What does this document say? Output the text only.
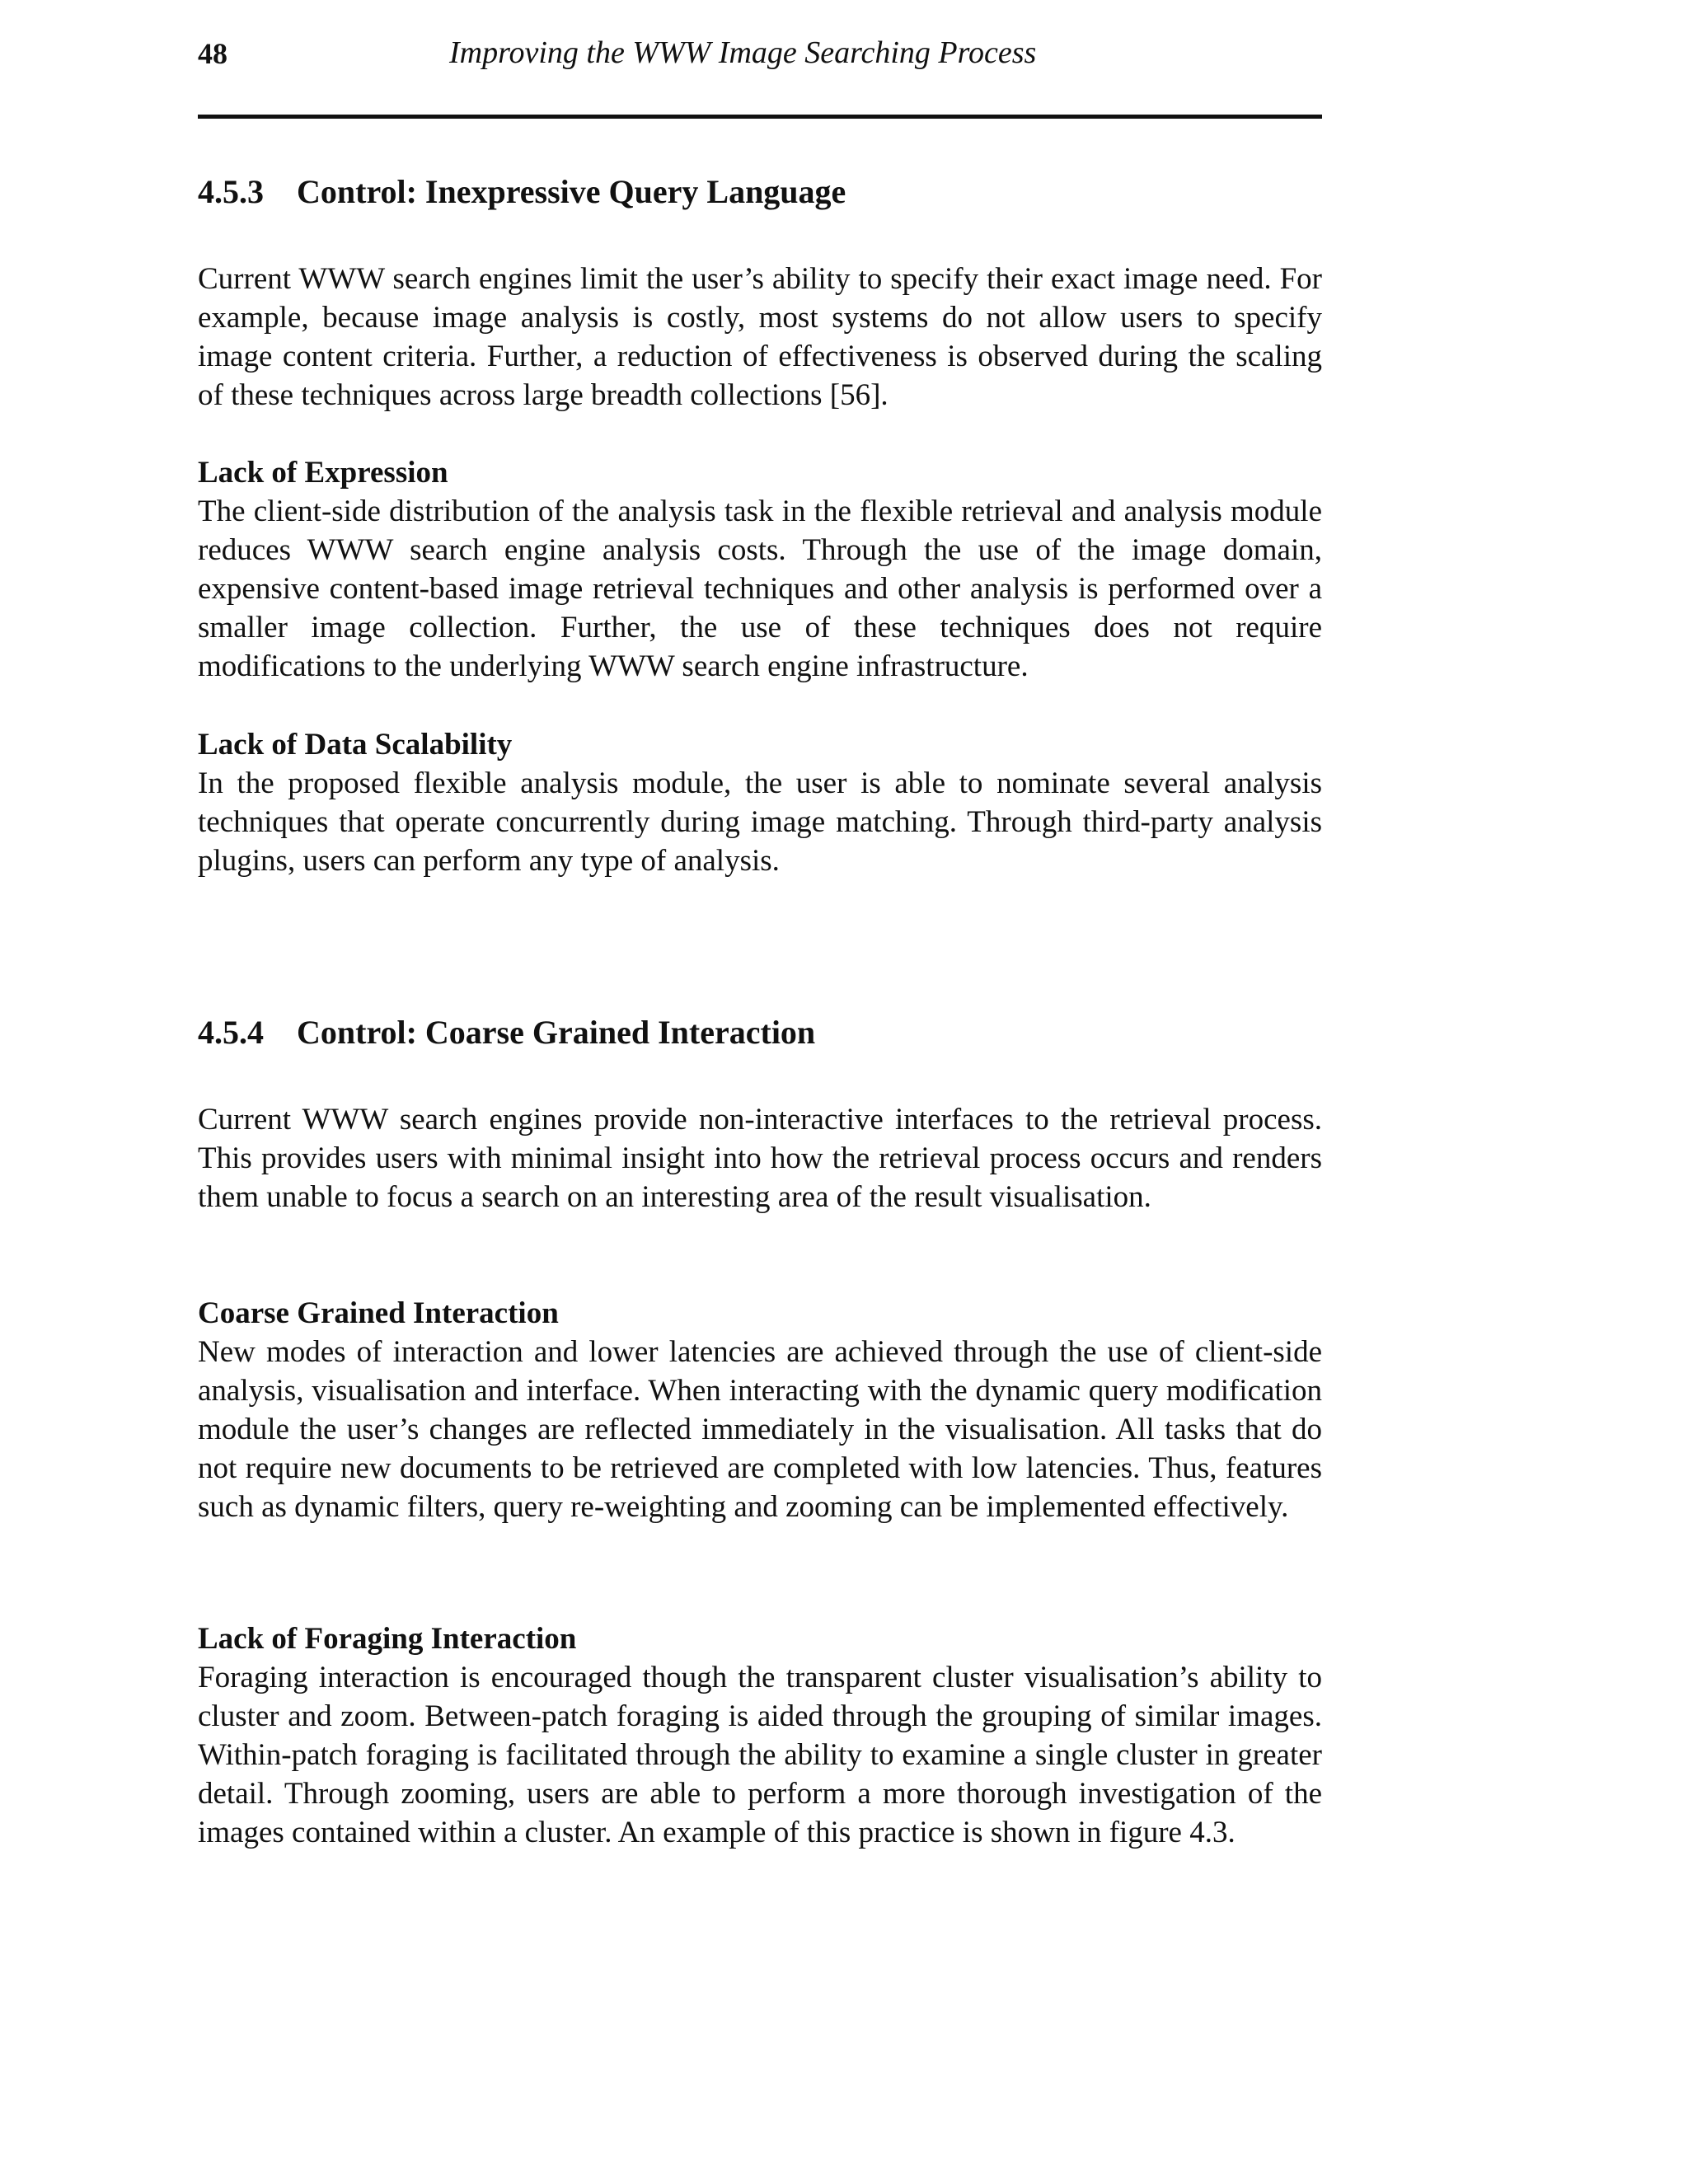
48	Improving the WWW Image Searching Process
4.5.3 Control: Inexpressive Query Language

Current WWW search engines limit the user’s ability to specify their exact image need. For example, because image analysis is costly, most systems do not allow users to specify image content criteria. Further, a reduction of effectiveness is observed during the scaling of these techniques across large breadth collections [56].

Lack of Expression

The client-side distribution of the analysis task in the flexible retrieval and analysis module reduces WWW search engine analysis costs. Through the use of the image domain, expensive content-based image retrieval techniques and other analysis is performed over a smaller image collection. Further, the use of these techniques does not require modifications to the underlying WWW search engine infrastructure.

Lack of Data Scalability

In the proposed flexible analysis module, the user is able to nominate several analysis techniques that operate concurrently during image matching. Through third-party analysis plugins, users can perform any type of analysis.

4.5.4 Control: Coarse Grained Interaction

Current WWW search engines provide non-interactive interfaces to the retrieval process. This provides users with minimal insight into how the retrieval process occurs and renders them unable to focus a search on an interesting area of the result visualisation.

Coarse Grained Interaction

New modes of interaction and lower latencies are achieved through the use of client-side analysis, visualisation and interface. When interacting with the dynamic query modification module the user’s changes are reflected immediately in the visualisation. All tasks that do not require new documents to be retrieved are completed with low latencies. Thus, features such as dynamic filters, query re-weighting and zooming can be implemented effectively.

Lack of Foraging Interaction

Foraging interaction is encouraged though the transparent cluster visualisation’s ability to cluster and zoom. Between-patch foraging is aided through the grouping of similar images. Within-patch foraging is facilitated through the ability to examine a single cluster in greater detail. Through zooming, users are able to perform a more thorough investigation of the images contained within a cluster. An example of this practice is shown in figure 4.3.
